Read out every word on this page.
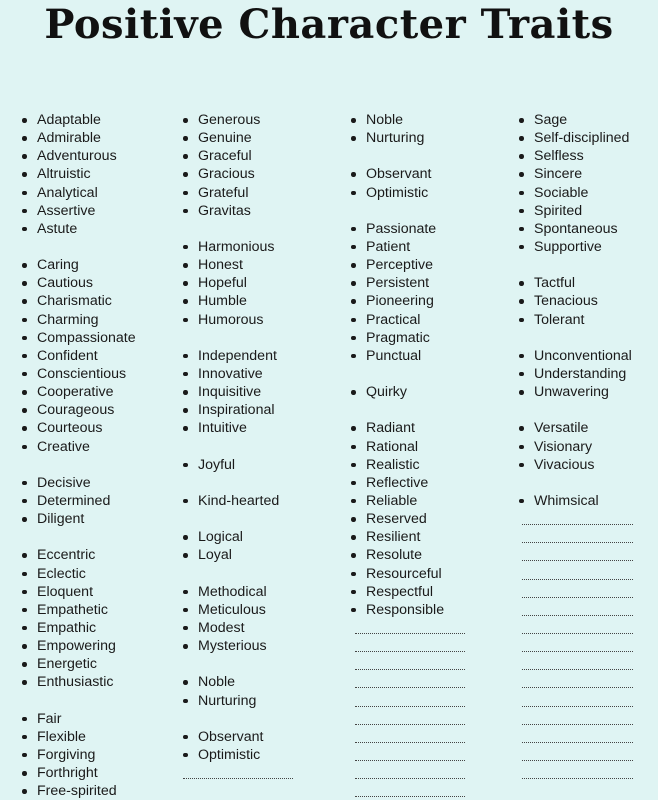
Positive Character Traits
Adaptable
Admirable
Adventurous
Altruistic
Analytical
Assertive
Astute
Caring
Cautious
Charismatic
Charming
Compassionate
Confident
Conscientious
Cooperative
Courageous
Courteous
Creative
Decisive
Determined
Diligent
Eccentric
Eclectic
Eloquent
Empathetic
Empathic
Empowering
Energetic
Enthusiastic
Fair
Flexible
Forgiving
Forthright
Free-spirited
Generous
Genuine
Graceful
Gracious
Grateful
Gravitas
Harmonious
Honest
Hopeful
Humble
Humorous
Independent
Innovative
Inquisitive
Inspirational
Intuitive
Joyful
Kind-hearted
Logical
Loyal
Methodical
Meticulous
Modest
Mysterious
Noble
Nurturing
Observant
Optimistic
Noble
Nurturing
Observant
Optimistic
Passionate
Patient
Perceptive
Persistent
Pioneering
Practical
Pragmatic
Punctual
Quirky
Radiant
Rational
Realistic
Reflective
Reliable
Reserved
Resilient
Resolute
Resourceful
Respectful
Responsible
Sage
Self-disciplined
Selfless
Sincere
Sociable
Spirited
Spontaneous
Supportive
Tactful
Tenacious
Tolerant
Unconventional
Understanding
Unwavering
Versatile
Visionary
Vivacious
Whimsical
